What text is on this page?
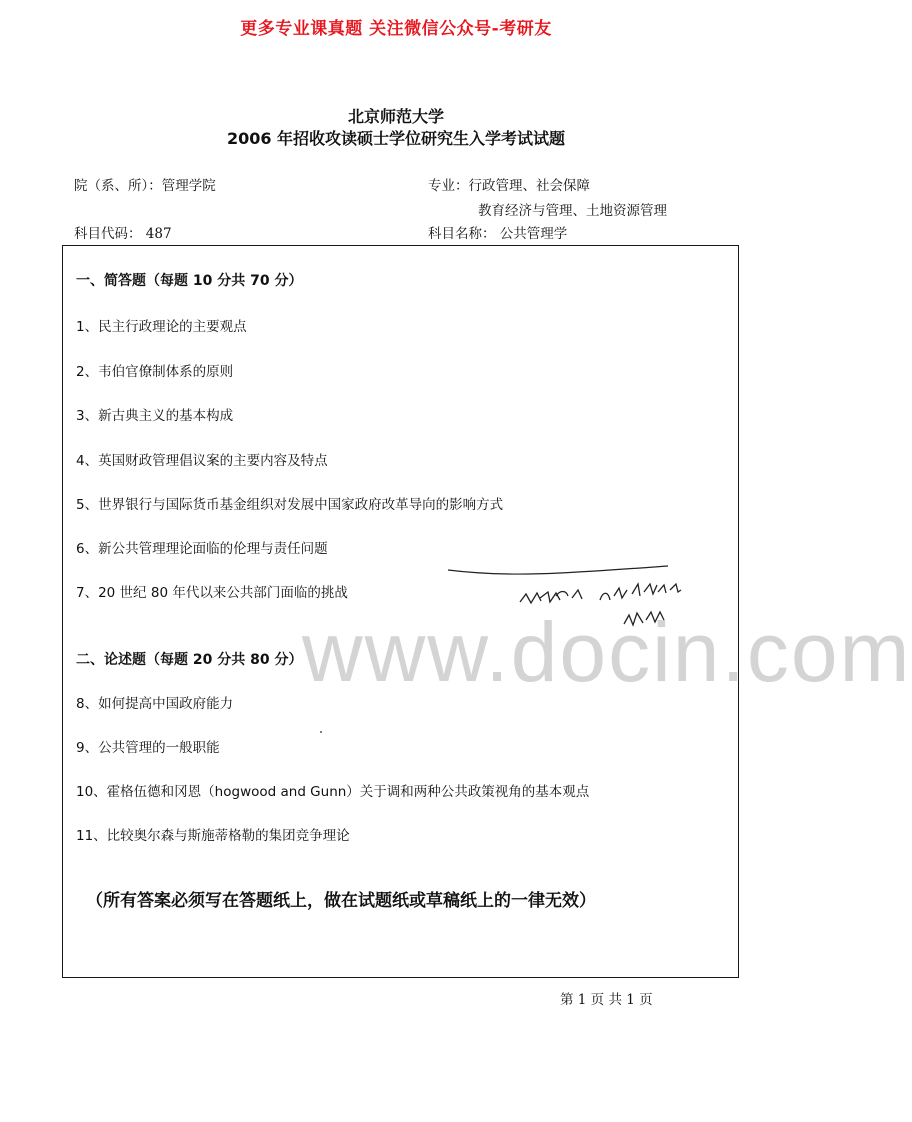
更多专业课真题 关注微信公众号-考研友
北京师范大学
2006 年招收攻读硕士学位研究生入学考试试题
院（系、所）：管理学院	专业：行政管理、社会保障
教育经济与管理、土地资源管理
科目代码： 487	科目名称： 公共管理学
www.docin.com
一、简答题（每题 10 分共 70 分）
1、民主行政理论的主要观点
2、韦伯官僚制体系的原则
3、新古典主义的基本构成
4、英国财政管理倡议案的主要内容及特点
5、世界银行与国际货币基金组织对发展中国家政府改革导向的影响方式
6、新公共管理理论面临的伦理与责任问题
7、20 世纪 80 年代以来公共部门面临的挑战
二、论述题（每题 20 分共 80 分）
8、如何提高中国政府能力
9、公共管理的一般职能
10、霍格伍德和冈恩（hogwood and Gunn）关于调和两种公共政策视角的基本观点
11、比较奥尔森与斯施蒂格勒的集团竞争理论
（所有答案必须写在答题纸上，做在试题纸或草稿纸上的一律无效）
第 1 页 共 1 页
